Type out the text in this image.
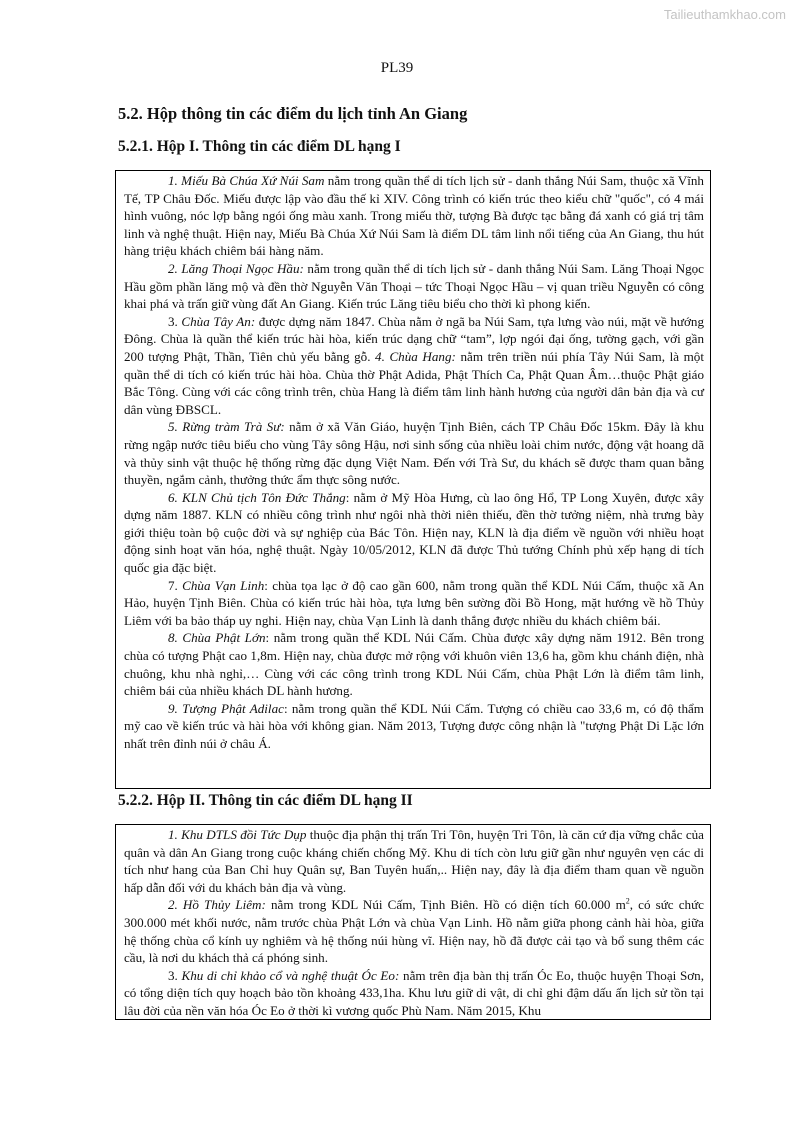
Tailieuthamkhao.com
PL39
5.2. Hộp thông tin các điểm du lịch tỉnh An Giang
5.2.1. Hộp I. Thông tin các điểm DL hạng I

1. Miếu Bà Chúa Xứ Núi Sam nằm trong quần thể di tích lịch sử - danh thắng Núi Sam, thuộc xã Vĩnh Tế, TP Châu Đốc. Miếu được lập vào đầu thế kỉ XIV. Công trình có kiến trúc theo kiểu chữ "quốc", có 4 mái hình vuông, nóc lợp bằng ngói ống màu xanh. Trong miếu thờ, tượng Bà được tạc bằng đá xanh có giá trị tâm linh và nghệ thuật. Hiện nay, Miếu Bà Chúa Xứ Núi Sam là điểm DL tâm linh nổi tiếng của An Giang, thu hút hàng triệu khách chiêm bái hàng năm.

2. Lăng Thoại Ngọc Hầu: nằm trong quần thể di tích lịch sử - danh thắng Núi Sam. Lăng Thoại Ngọc Hầu gồm phần lăng mộ và đền thờ Nguyễn Văn Thoại – tức Thoại Ngọc Hầu – vị quan triều Nguyễn có công khai phá và trấn giữ vùng đất An Giang. Kiến trúc Lăng tiêu biểu cho thời kì phong kiến.

3. Chùa Tây An: được dựng năm 1847. Chùa nằm ở ngã ba Núi Sam, tựa lưng vào núi, mặt về hướng Đông. Chùa là quần thể kiến trúc hài hòa, kiến trúc dạng chữ “tam”, lợp ngói đại ống, tường gạch, với gần 200 tượng Phật, Thần, Tiên chủ yếu bằng gỗ. 4. Chùa Hang: nằm trên triền núi phía Tây Núi Sam, là một quần thể di tích có kiến trúc hài hòa. Chùa thờ Phật Adida, Phật Thích Ca, Phật Quan Âm…thuộc Phật giáo Bắc Tông. Cùng với các công trình trên, chùa Hang là điểm tâm linh hành hương của người dân bản địa và cư dân vùng ĐBSCL.

5. Rừng tràm Trà Sư: nằm ở xã Văn Giáo, huyện Tịnh Biên, cách TP Châu Đốc 15km. Đây là khu rừng ngập nước tiêu biểu cho vùng Tây sông Hậu, nơi sinh sống của nhiều loài chim nước, động vật hoang dã và thủy sinh vật thuộc hệ thống rừng đặc dụng Việt Nam. Đến với Trà Sư, du khách sẽ được tham quan bằng thuyền, ngắm cảnh, thưởng thức ẩm thực sông nước.

6. KLN Chủ tịch Tôn Đức Thắng: nằm ở Mỹ Hòa Hưng, cù lao ông Hổ, TP Long Xuyên, được xây dựng năm 1887. KLN có nhiều công trình như ngôi nhà thời niên thiếu, đền thờ tưởng niệm, nhà trưng bày giới thiệu toàn bộ cuộc đời và sự nghiệp của Bác Tôn. Hiện nay, KLN là địa điểm về nguồn với nhiều hoạt động sinh hoạt văn hóa, nghệ thuật. Ngày 10/05/2012, KLN đã được Thủ tướng Chính phủ xếp hạng di tích quốc gia đặc biệt.

7. Chùa Vạn Linh: chùa tọa lạc ở độ cao gần 600, nằm trong quần thể KDL Núi Cấm, thuộc xã An Hảo, huyện Tịnh Biên. Chùa có kiến trúc hài hòa, tựa lưng bên sường đồi Bồ Hong, mặt hướng về hồ Thủy Liêm với ba bảo tháp uy nghi. Hiện nay, chùa Vạn Linh là danh thắng được nhiều du khách chiêm bái.

8. Chùa Phật Lớn: nằm trong quần thể KDL Núi Cấm. Chùa được xây dựng năm 1912. Bên trong chùa có tượng Phật cao 1,8m. Hiện nay, chùa được mở rộng với khuôn viên 13,6 ha, gồm khu chánh điện, nhà chuông, khu nhà nghỉ,… Cùng với các công trình trong KDL Núi Cấm, chùa Phật Lớn là điểm tâm linh, chiêm bái của nhiều khách DL hành hương.

9. Tượng Phật Adilac: nằm trong quần thể KDL Núi Cấm. Tượng có chiều cao 33,6 m, có độ thẩm mỹ cao về kiến trúc và hài hòa với không gian. Năm 2013, Tượng được công nhận là "tượng Phật Di Lặc lớn nhất trên đỉnh núi ở châu Á.

5.2.2. Hộp II. Thông tin các điểm DL hạng II

1. Khu DTLS đồi Tức Dụp thuộc địa phận thị trấn Tri Tôn, huyện Tri Tôn, là căn cứ địa vững chắc của quân và dân An Giang trong cuộc kháng chiến chống Mỹ. Khu di tích còn lưu giữ gần như nguyên vẹn các di tích như hang của Ban Chỉ huy Quân sự, Ban Tuyên huấn,.. Hiện nay, đây là địa điểm tham quan về nguồn hấp dẫn đối với du khách bản địa và vùng.

2. Hồ Thủy Liêm: nằm trong KDL Núi Cấm, Tịnh Biên. Hồ có diện tích 60.000 $m^2$, có sức chức 300.000 mét khối nước, nằm trước chùa Phật Lớn và chùa Vạn Linh. Hồ nằm giữa phong cảnh hài hòa, giữa hệ thống chùa cổ kính uy nghiêm và hệ thống núi hùng vĩ. Hiện nay, hồ đã được cải tạo và bổ sung thêm các cầu, là nơi du khách thả cá phóng sinh.

3. Khu di chỉ khảo cổ và nghệ thuật Óc Eo: nằm trên địa bàn thị trấn Óc Eo, thuộc huyện Thoại Sơn, có tổng diện tích quy hoạch bảo tồn khoảng 433,1ha. Khu lưu giữ di vật, di chỉ ghi đậm dấu ấn lịch sử tồn tại lâu đời của nền văn hóa Óc Eo ở thời kì vương quốc Phù Nam. Năm 2015, Khu
